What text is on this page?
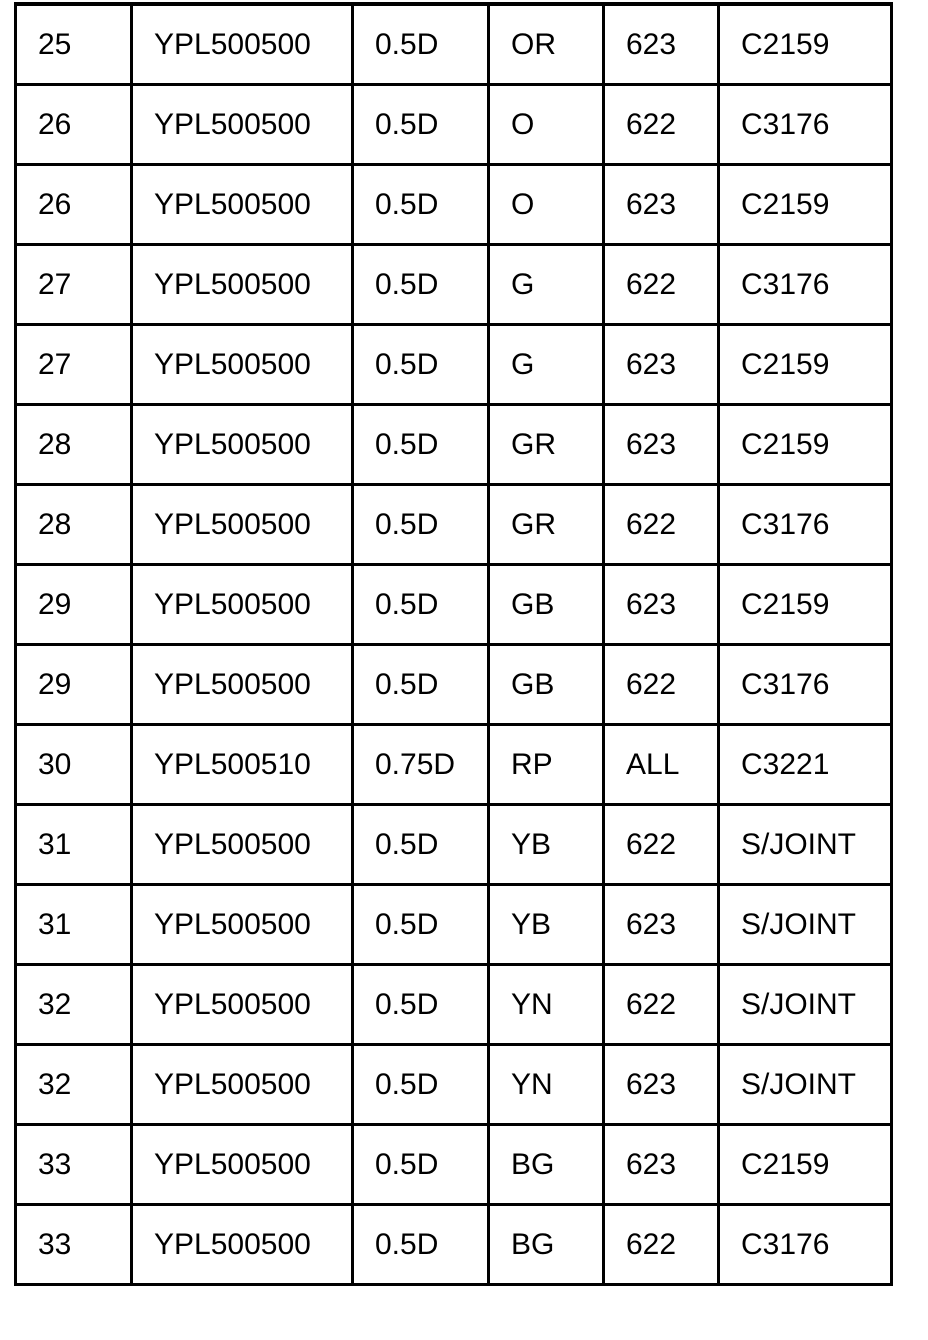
25	YPL500500	0.5D	OR	623	C2159
26	YPL500500	0.5D	O	622	C3176
26	YPL500500	0.5D	O	623	C2159
27	YPL500500	0.5D	G	622	C3176
27	YPL500500	0.5D	G	623	C2159
28	YPL500500	0.5D	GR	623	C2159
28	YPL500500	0.5D	GR	622	C3176
29	YPL500500	0.5D	GB	623	C2159
29	YPL500500	0.5D	GB	622	C3176
30	YPL500510	0.75D	RP	ALL	C3221
31	YPL500500	0.5D	YB	622	S/JOINT
31	YPL500500	0.5D	YB	623	S/JOINT
32	YPL500500	0.5D	YN	622	S/JOINT
32	YPL500500	0.5D	YN	623	S/JOINT
33	YPL500500	0.5D	BG	623	C2159
33	YPL500500	0.5D	BG	622	C3176
